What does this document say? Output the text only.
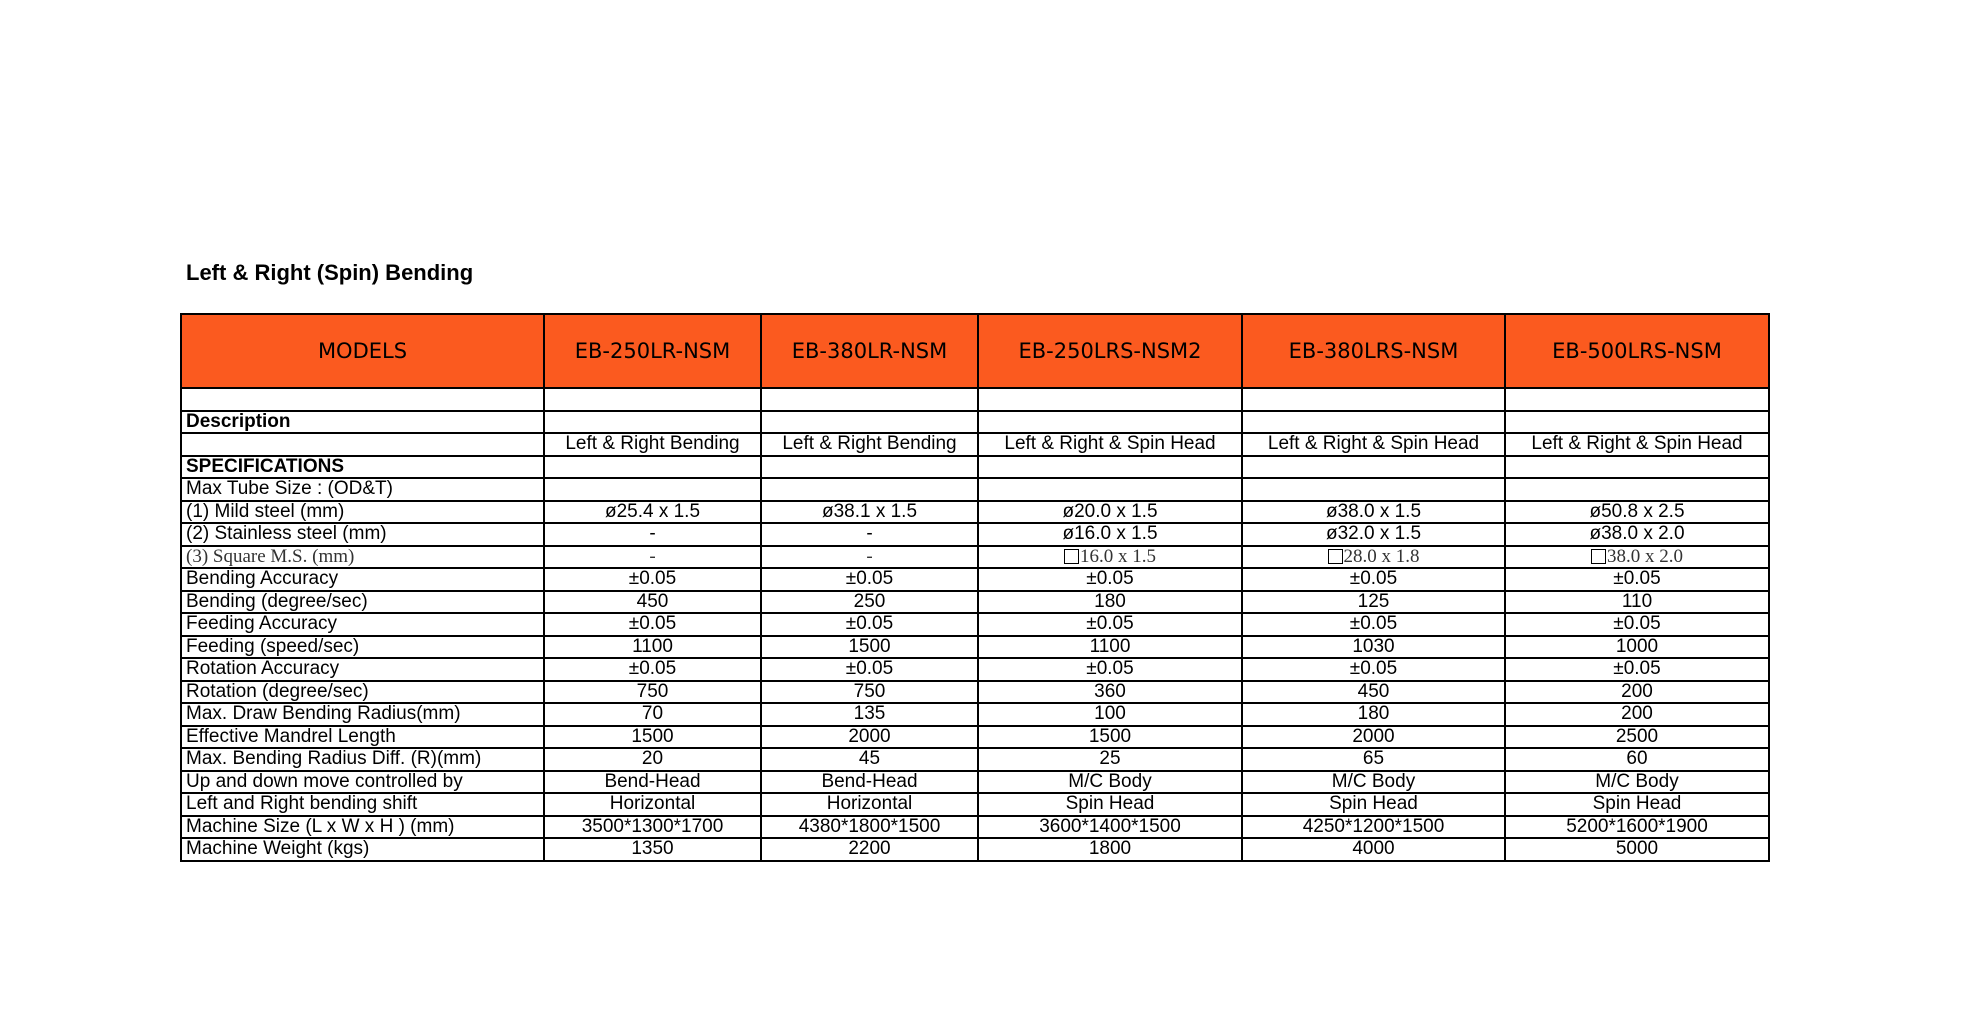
Left & Right (Spin) Bending
MODELS	EB-250LR-NSM	EB-380LR-NSM	EB-250LRS-NSM2	EB-380LRS-NSM	EB-500LRS-NSM

Description					
	Left & Right Bending	Left & Right Bending	Left & Right & Spin Head	Left & Right & Spin Head	Left & Right & Spin Head
SPECIFICATIONS					
Max Tube Size : (OD&T)					
(1) Mild steel (mm)	ø25.4 x 1.5	ø38.1 x 1.5	ø20.0 x 1.5	ø38.0 x 1.5	ø50.8 x 2.5
(2) Stainless steel (mm)	-	-	ø16.0 x 1.5	ø32.0 x 1.5	ø38.0 x 2.0
(3) Square M.S. (mm)	-	-	16.0 x 1.5	28.0 x 1.8	38.0 x 2.0
Bending Accuracy	±0.05	±0.05	±0.05	±0.05	±0.05
Bending (degree/sec)	450	250	180	125	110
Feeding Accuracy	±0.05	±0.05	±0.05	±0.05	±0.05
Feeding (speed/sec)	1100	1500	1100	1030	1000
Rotation Accuracy	±0.05	±0.05	±0.05	±0.05	±0.05
Rotation (degree/sec)	750	750	360	450	200
Max. Draw Bending Radius(mm)	70	135	100	180	200
Effective Mandrel Length	1500	2000	1500	2000	2500
Max. Bending Radius Diff. (R)(mm)	20	45	25	65	60
Up and down move controlled by	Bend-Head	Bend-Head	M/C Body	M/C Body	M/C Body
Left and Right bending shift	Horizontal	Horizontal	Spin Head	Spin Head	Spin Head
Machine Size (L x W x H ) (mm)	3500*1300*1700	4380*1800*1500	3600*1400*1500	4250*1200*1500	5200*1600*1900
Machine Weight (kgs)	1350	2200	1800	4000	5000
